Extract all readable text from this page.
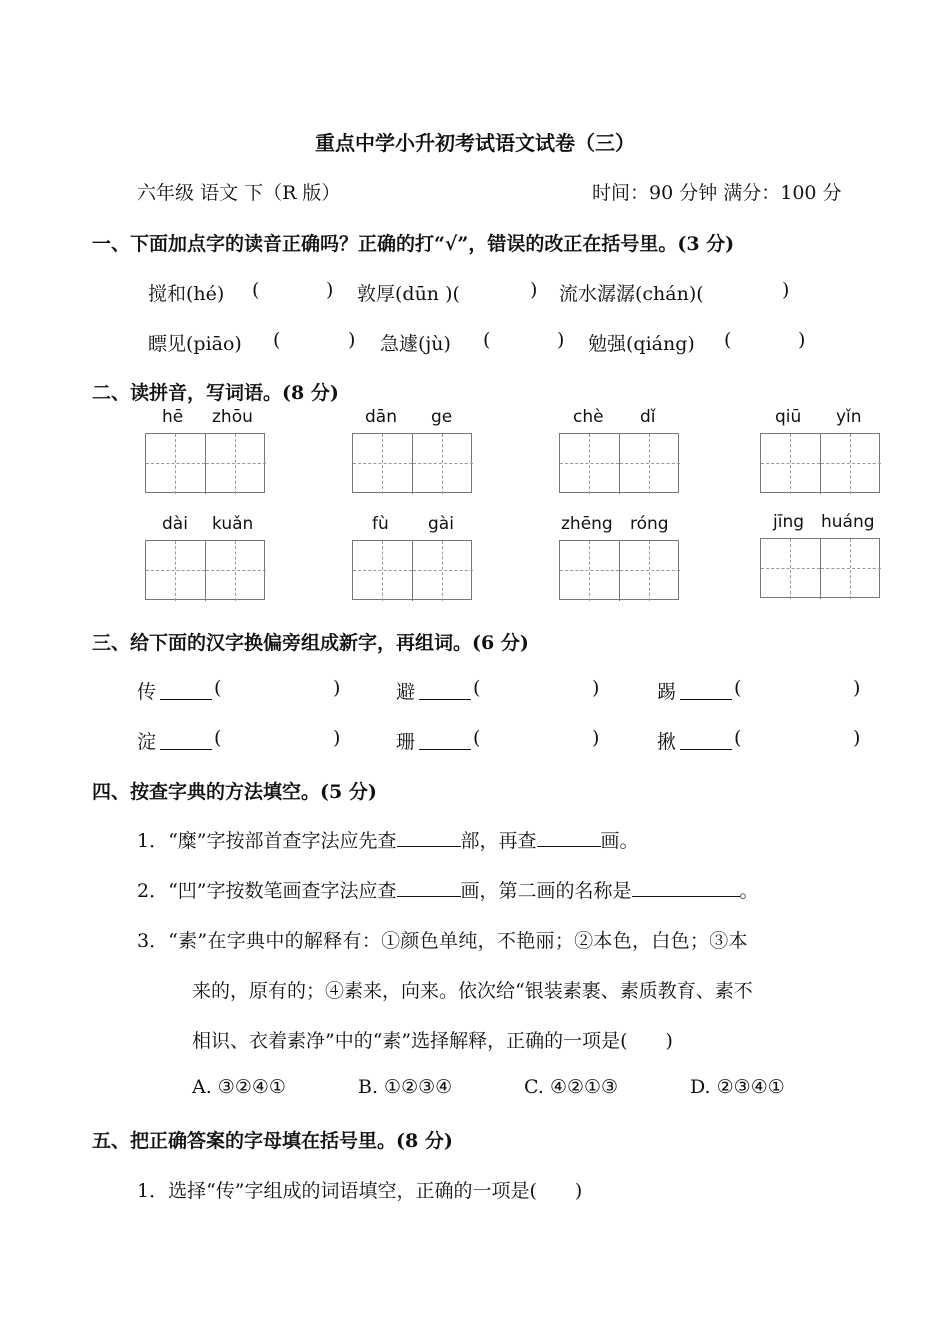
重点中学小升初考试语文试卷（三）
六年级 语文 下（R 版）	时间：90 分钟 满分：100 分
一、下面加点字的读音正确吗？正确的打“√”，错误的改正在括号里。(3 分)
搅和(hé) (	) 敦厚(dūn )(	) 流水潺潺(chán)(	)
瞟见(piāo) (	) 急遽(jù) (	) 勉强(qiáng) (	)
二、读拼音，写词语。(8 分)
hē zhōu	dān ge	chè dǐ	qiū yǐn
dài kuǎn	fù gài	zhēng róng	jīng huáng
三、给下面的汉字换偏旁组成新字，再组词。(6 分)
传	(	)	避	(	)	踢	(	)
淀	(	)	珊	(	)	揪	(	)
四、按查字典的方法填空。(5 分)
1．“糜”字按部首查字法应先查	部，再查	画。
2．“凹”字按数笔画查字法应查	画，第二画的名称是	。
3．“素”在字典中的解释有：①颜色单纯，不艳丽；②本色，白色；③本
来的，原有的；④素来，向来。依次给“银装素裹、素质教育、素不
相识、衣着素净”中的“素”选择解释，正确的一项是(　　)
A. ③②④①	B. ①②③④	C. ④②①③	D. ②③④①
五、把正确答案的字母填在括号里。(8 分)
1．选择“传”字组成的词语填空，正确的一项是(　　)
